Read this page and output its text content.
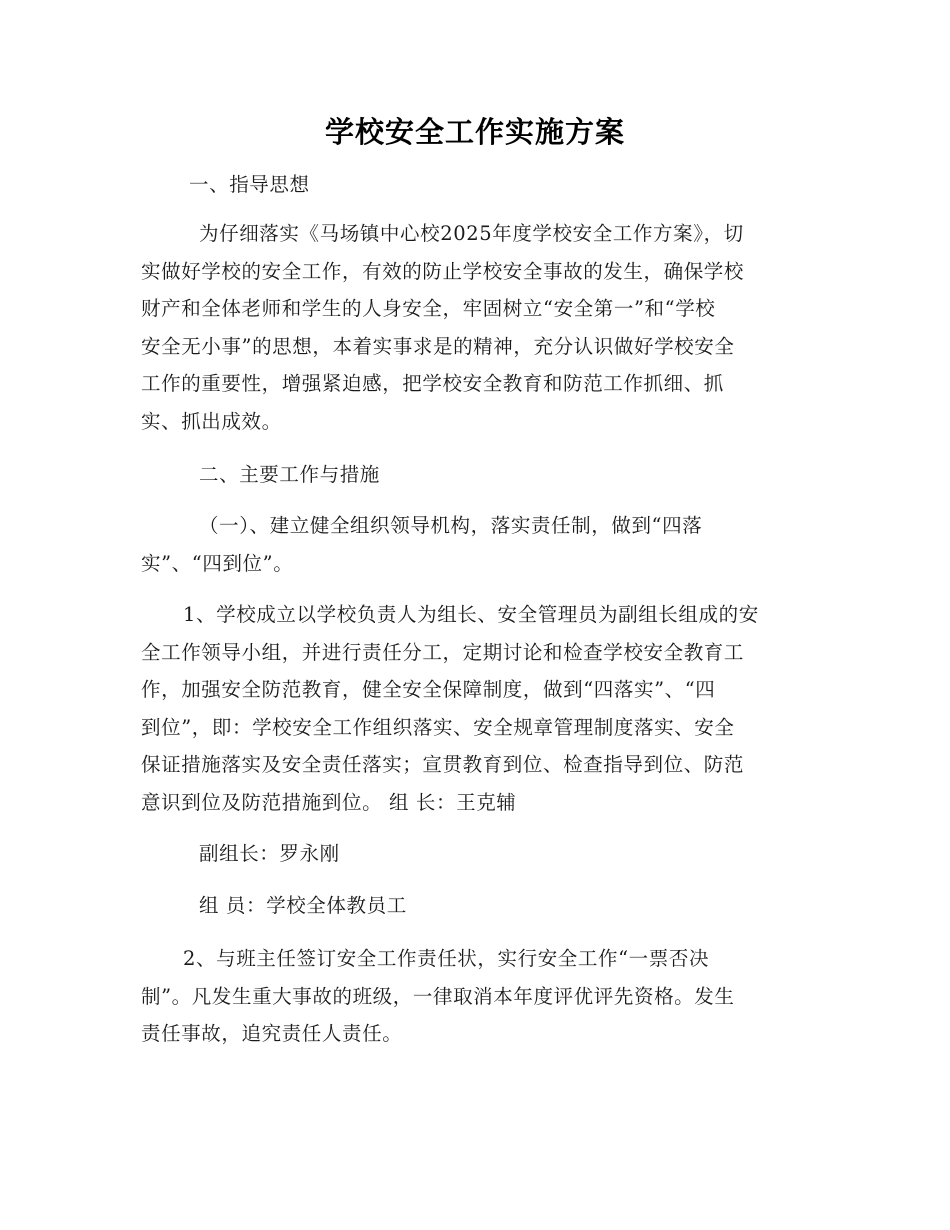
学校安全工作实施方案
一、指导思想
为仔细落实《马场镇中心校2025年度学校安全工作方案》，切
实做好学校的安全工作，有效的防止学校安全事故的发生，确保学校
财产和全体老师和学生的人身安全，牢固树立“安全第一”和“学校
安全无小事”的思想，本着实事求是的精神，充分认识做好学校安全
工作的重要性，增强紧迫感，把学校安全教育和防范工作抓细、抓
实、抓出成效。
二、主要工作与措施
（一）、建立健全组织领导机构，落实责任制，做到“四落
实”、“四到位”。
1、学校成立以学校负责人为组长、安全管理员为副组长组成的安
全工作领导小组，并进行责任分工，定期讨论和检查学校安全教育工
作，加强安全防范教育，健全安全保障制度，做到“四落实”、“四
到位”，即：学校安全工作组织落实、安全规章管理制度落实、安全
保证措施落实及安全责任落实；宣贯教育到位、检查指导到位、防范
意识到位及防范措施到位。 组 长：王克辅
副组长：罗永刚
组 员：学校全体教员工
2、与班主任签订安全工作责任状，实行安全工作“一票否决
制”。凡发生重大事故的班级，一律取消本年度评优评先资格。发生
责任事故，追究责任人责任。
